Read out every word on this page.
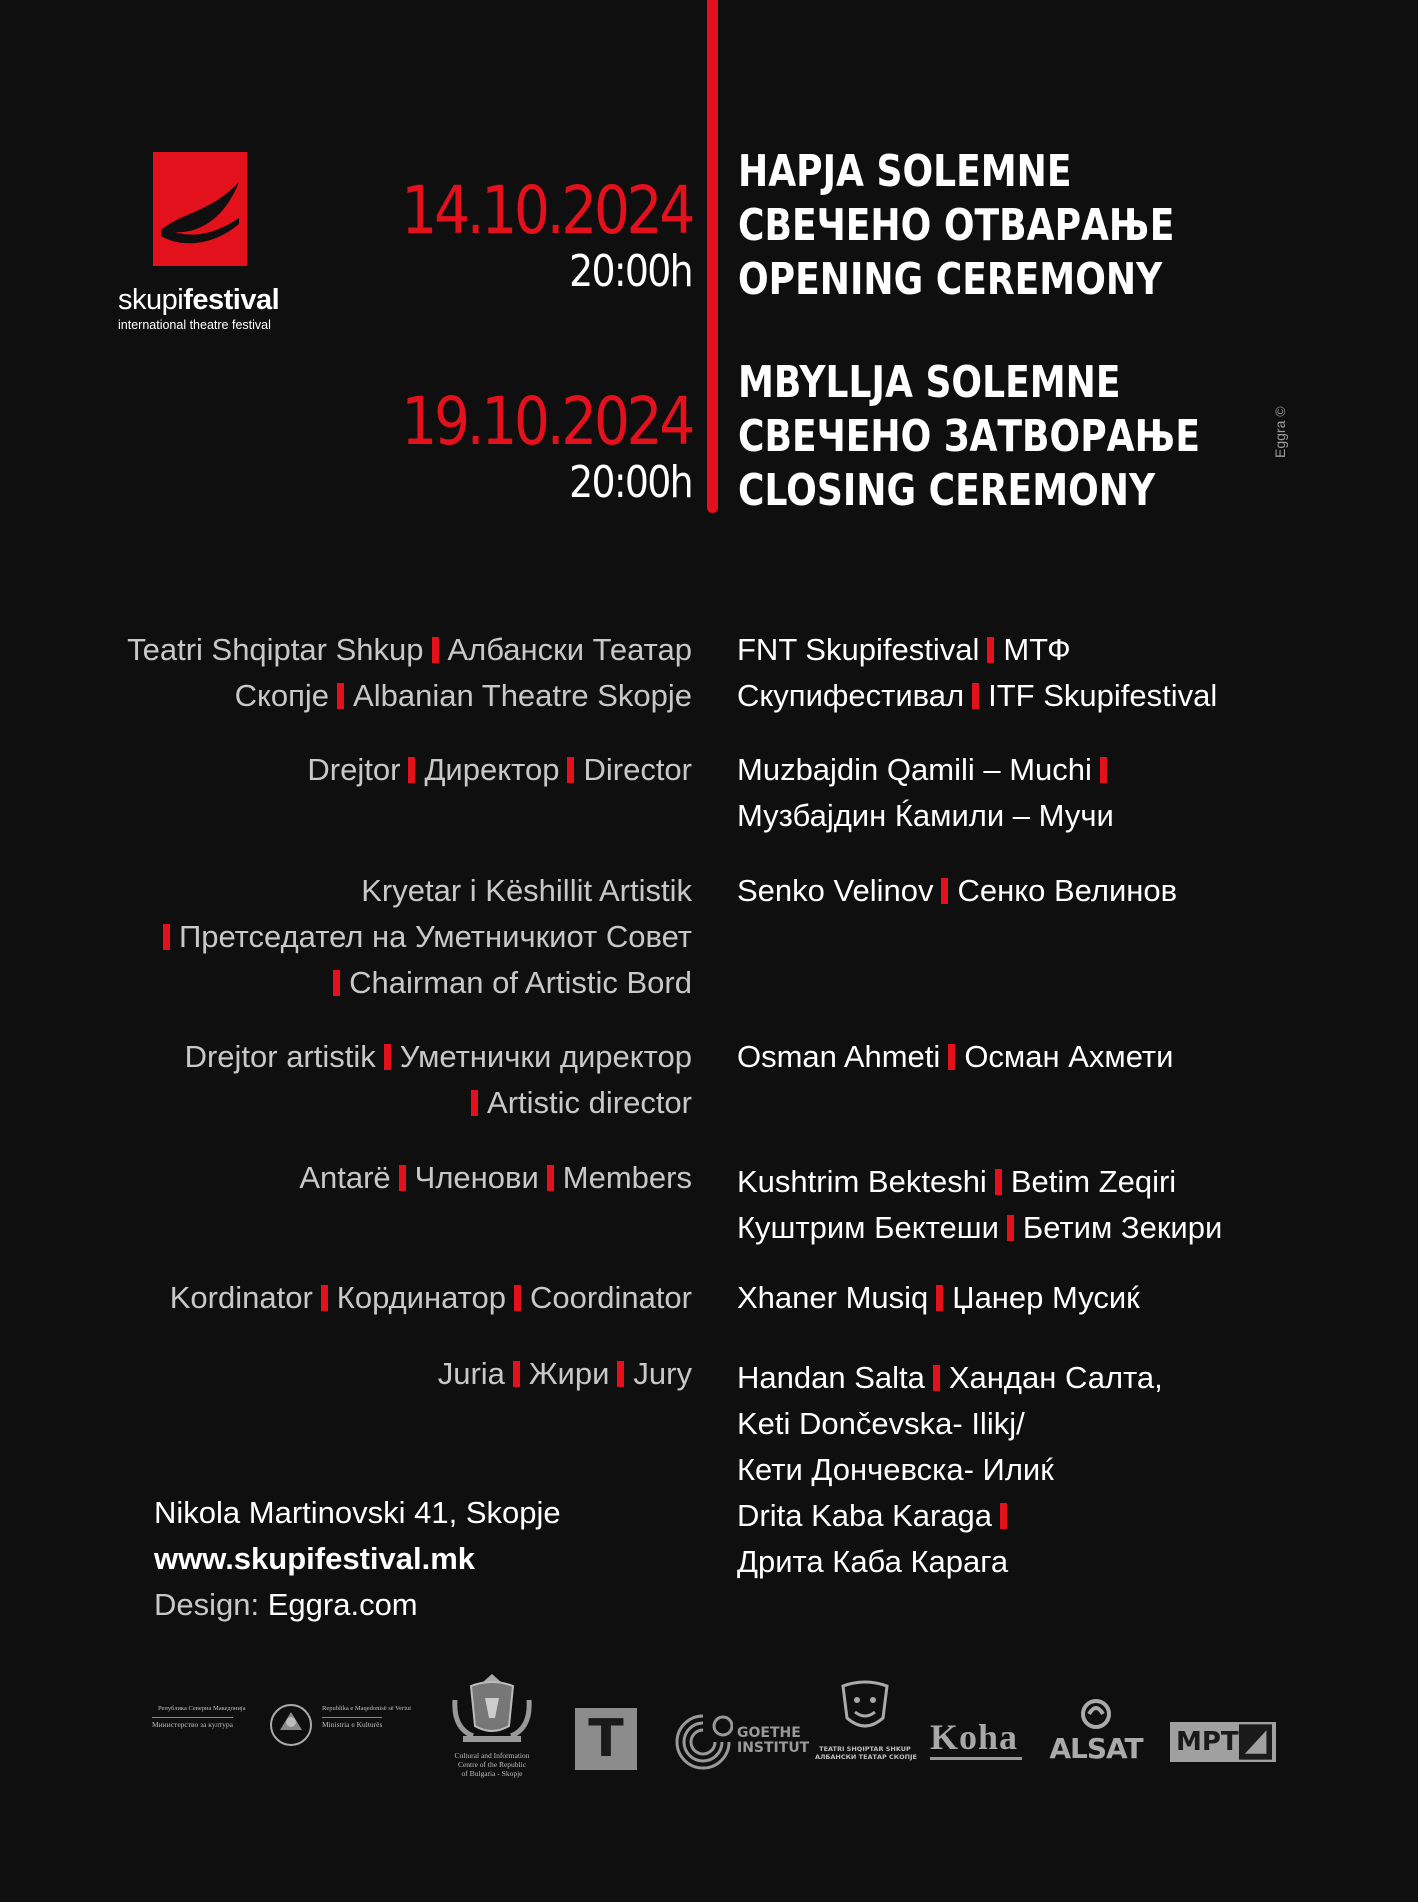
skupifestival
international theatre festival
14.10.2024
20:00h
HAPJA SOLEMNE
СВЕЧЕНО ОТВАРАЊЕ
OPENING CEREMONY
19.10.2024
20:00h
MBYLLJA SOLEMNE
СВЕЧЕНО ЗАТВОРАЊЕ
CLOSING CEREMONY
Eggra ©
Teatri Shqiptar Shkup Албански Театар
Скопје Albanian Theatre Skopje
FNT Skupifestival МТФ
Скупифестивал ITF Skupifestival
Drejtor Директор Director Muzbajdin Qamili – Muchi
Музбајдин Ќамили – Мучи
Kryetar i Këshillit Artistik
Претседател на Уметничкиот Совет
Chairman of Artistic Bord
Senko Velinov Сенко Велинов
Drejtor artistik Уметнички директор
Artistic director
Osman Ahmeti Осман Ахмети
Antarë Членови Members Kushtrim Bekteshi Betim Zeqiri
Куштрим Бектеши Бетим Зекири
Kordinator Кординатор Coordinator Xhaner Musiq Џанер Мусиќ
Juria Жири Jury Handan Salta Хандан Салта,
Keti Dončevska- Ilikj/
Кети Дончевска- Илиќ
Drita Kaba Karaga
Дрита Каба Карага
Nikola Martinovski 41, Skopje
www.skupifestival.mk
Design: Eggra.com
Република Северна Македонија
Министерство за култура
Republika e Maqedonisë së Veriut
Ministria e Kulturës
Cultural and Information
Centre of the Republic
of Bulgaria - Skopje
T	GOETHE
INSTITUT	TEATRI SHQIPTAR SHKUP
АЛБАНСКИ ТЕАТАР СКОПЈЕ Koha ALSAT МРТ
